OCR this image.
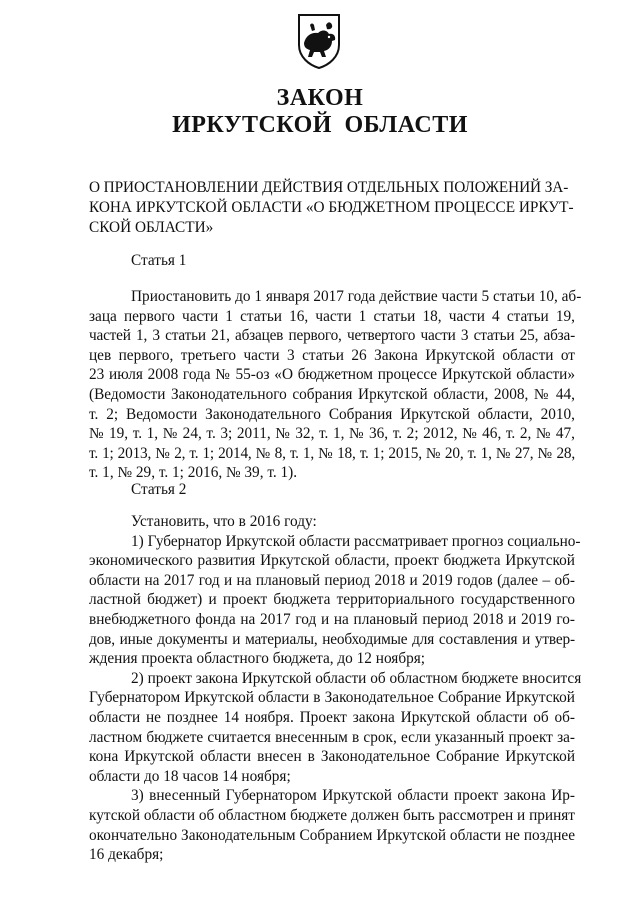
ЗАКОН
ИРКУТСКОЙ ОБЛАСТИ
О ПРИОСТАНОВЛЕНИИ ДЕЙСТВИЯ ОТДЕЛЬНЫХ ПОЛОЖЕНИЙ ЗА-
КОНА ИРКУТСКОЙ ОБЛАСТИ «О БЮДЖЕТНОМ ПРОЦЕССЕ ИРКУТ-
СКОЙ ОБЛАСТИ»
Статья 1
Приостановить до 1 января 2017 года действие части 5 статьи 10, аб-
заца первого части 1 статьи 16, части 1 статьи 18, части 4 статьи 19,
частей 1, 3 статьи 21, абзацев первого, четвертого части 3 статьи 25, абза-
цев первого, третьего части 3 статьи 26 Закона Иркутской области от
23 июля 2008 года № 55-оз «О бюджетном процессе Иркутской области»
(Ведомости Законодательного собрания Иркутской области, 2008, № 44,
т. 2; Ведомости Законодательного Собрания Иркутской области, 2010,
№ 19, т. 1, № 24, т. 3; 2011, № 32, т. 1, № 36, т. 2; 2012, № 46, т. 2, № 47,
т. 1; 2013, № 2, т. 1; 2014, № 8, т. 1, № 18, т. 1; 2015, № 20, т. 1, № 27, № 28,
т. 1, № 29, т. 1; 2016, № 39, т. 1).
Статья 2
Установить, что в 2016 году:
1) Губернатор Иркутской области рассматривает прогноз социально-
экономического развития Иркутской области, проект бюджета Иркутской
области на 2017 год и на плановый период 2018 и 2019 годов (далее – об-
ластной бюджет) и проект бюджета территориального государственного
внебюджетного фонда на 2017 год и на плановый период 2018 и 2019 го-
дов, иные документы и материалы, необходимые для составления и утвер-
ждения проекта областного бюджета, до 12 ноября;
2) проект закона Иркутской области об областном бюджете вносится
Губернатором Иркутской области в Законодательное Собрание Иркутской
области не позднее 14 ноября. Проект закона Иркутской области об об-
ластном бюджете считается внесенным в срок, если указанный проект за-
кона Иркутской области внесен в Законодательное Собрание Иркутской
области до 18 часов 14 ноября;
3) внесенный Губернатором Иркутской области проект закона Ир-
кутской области об областном бюджете должен быть рассмотрен и принят
окончательно Законодательным Собранием Иркутской области не позднее
16 декабря;
